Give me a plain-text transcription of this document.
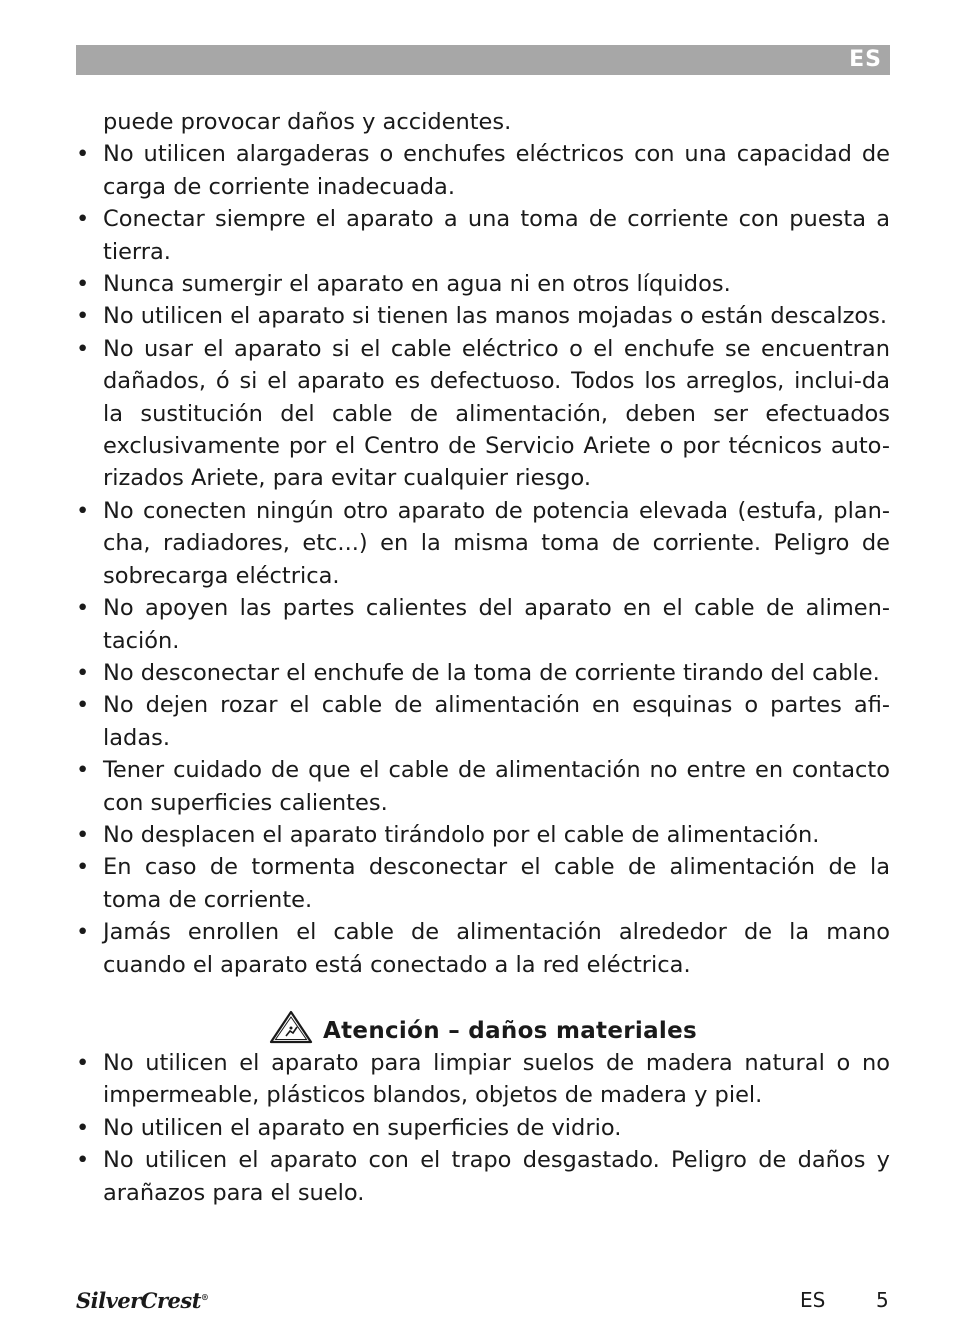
ES
puede provocar daños y accidentes.
• No utilicen alargaderas o enchufes eléctricos con una capacidad de carga de corriente inadecuada.
• Conectar siempre el aparato a una toma de corriente con puesta a tierra.
• Nunca sumergir el aparato en agua ni en otros líquidos.
• No utilicen el aparato si tienen las manos mojadas o están descalzos.
• No usar el aparato si el cable eléctrico o el enchufe se encuentran dañados, ó si el aparato es defectuoso. Todos los arreglos, inclui-da la sustitución del cable de alimentación, deben ser efectuados exclusivamente por el Centro de Servicio Ariete o por técnicos auto-rizados Ariete, para evitar cualquier riesgo.
• No conecten ningún otro aparato de potencia elevada (estufa, plan-cha, radiadores, etc...) en la misma toma de corriente. Peligro de sobrecarga eléctrica.
• No apoyen las partes calientes del aparato en el cable de alimen-tación.
• No desconectar el enchufe de la toma de corriente tirando del cable.
• No dejen rozar el cable de alimentación en esquinas o partes afi-ladas.
• Tener cuidado de que el cable de alimentación no entre en contacto con superficies calientes.
• No desplacen el aparato tirándolo por el cable de alimentación.
• En caso de tormenta desconectar el cable de alimentación de la toma de corriente.
• Jamás enrollen el cable de alimentación alrededor de la mano cuando el aparato está conectado a la red eléctrica.
Atención – daños materiales
• No utilicen el aparato para limpiar suelos de madera natural o no impermeable, plásticos blandos, objetos de madera y piel.
• No utilicen el aparato en superficies de vidrio.
• No utilicen el aparato con el trapo desgastado. Peligro de daños y arañazos para el suelo.
SilverCrest®	ES	5
